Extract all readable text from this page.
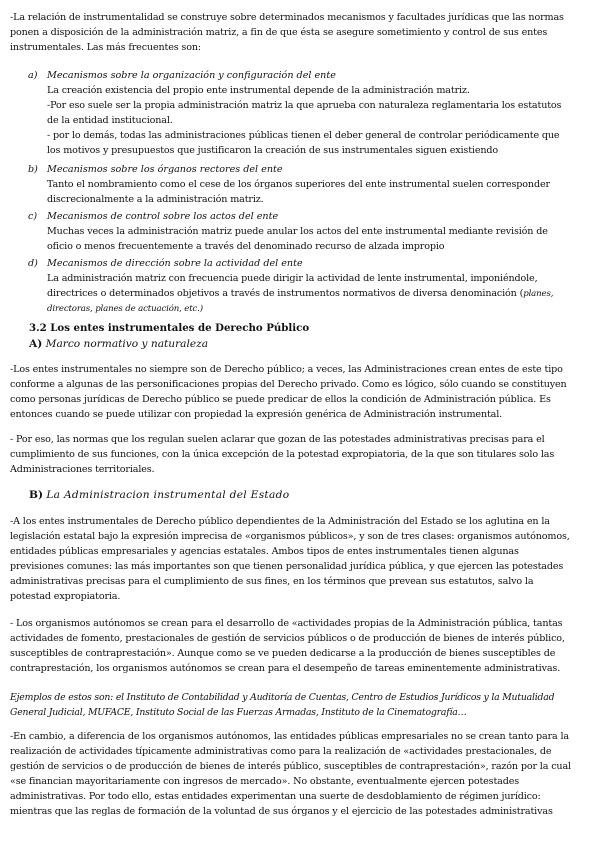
-La relación de instrumentalidad se construye sobre determinados mecanismos y facultades jurídicas que las normas
ponen a disposición de la administración matriz, a fin de que ésta se asegure sometimiento y control de sus entes
instrumentales. Las más frecuentes son:
a) Mecanismos sobre la organización y configuración del ente
La creación existencia del propio ente instrumental depende de la administración matriz.
-Por eso suele ser la propia administración matriz la que aprueba con naturaleza reglamentaria los estatutos
de la entidad institucional.
- por lo demás, todas las administraciones públicas tienen el deber general de controlar periódicamente que
los motivos y presupuestos que justificaron la creación de sus instrumentales siguen existiendo
b) Mecanismos sobre los órganos rectores del ente
Tanto el nombramiento como el cese de los órganos superiores del ente instrumental suelen corresponder
discrecionalmente a la administración matriz.
c) Mecanismos de control sobre los actos del ente
Muchas veces la administración matriz puede anular los actos del ente instrumental mediante revisión de
oficio o menos frecuentemente a través del denominado recurso de alzada impropio
d) Mecanismos de dirección sobre la actividad del ente
La administración matriz con frecuencia puede dirigir la actividad de lente instrumental, imponiéndole,
directrices o determinados objetivos a través de instrumentos normativos de diversa denominación (planes,
directoras, planes de actuación, etc.)
3.2 Los entes instrumentales de Derecho Público
A) Marco normativo y naturaleza
-Los entes instrumentales no siempre son de Derecho público; a veces, las Administraciones crean entes de este tipo
conforme a algunas de las personificaciones propias del Derecho privado. Como es lógico, sólo cuando se constituyen
como personas jurídicas de Derecho público se puede predicar de ellos la condición de Administración pública. Es
entonces cuando se puede utilizar con propiedad la expresión genérica de Administración instrumental.
- Por eso, las normas que los regulan suelen aclarar que gozan de las potestades administrativas precisas para el
cumplimiento de sus funciones, con la única excepción de la potestad expropiatoria, de la que son titulares solo las
Administraciones territoriales.
B) La Administracion instrumental del Estado
-A los entes instrumentales de Derecho público dependientes de la Administración del Estado se los aglutina en la
legislación estatal bajo la expresión imprecisa de «organismos públicos», y son de tres clases: organismos autónomos,
entidades públicas empresariales y agencias estatales. Ambos tipos de entes instrumentales tienen algunas
previsiones comunes: las más importantes son que tienen personalidad jurídica pública, y que ejercen las potestades
administrativas precisas para el cumplimiento de sus fines, en los términos que prevean sus estatutos, salvo la
potestad expropiatoria.
- Los organismos autónomos se crean para el desarrollo de «actividades propias de la Administración pública, tantas
actividades de fomento, prestacionales de gestión de servicios públicos o de producción de bienes de interés público,
susceptibles de contraprestación». Aunque como se ve pueden dedicarse a la producción de bienes susceptibles de
contraprestación, los organismos autónomos se crean para el desempeño de tareas eminentemente administrativas.
Ejemplos de estos son: el Instituto de Contabilidad y Auditoría de Cuentas, Centro de Estudios Jurídicos y la Mutualidad
General Judicial, MUFACE, Instituto Social de las Fuerzas Armadas, Instituto de la Cinematografía…
-En cambio, a diferencia de los organismos autónomos, las entidades públicas empresariales no se crean tanto para la
realización de actividades típicamente administrativas como para la realización de «actividades prestacionales, de
gestión de servicios o de producción de bienes de interés público, susceptibles de contraprestación», razón por la cual
«se financian mayoritariamente con ingresos de mercado». No obstante, eventualmente ejercen potestades
administrativas. Por todo ello, estas entidades experimentan una suerte de desdoblamiento de régimen jurídico:
mientras que las reglas de formación de la voluntad de sus órganos y el ejercicio de las potestades administrativas
